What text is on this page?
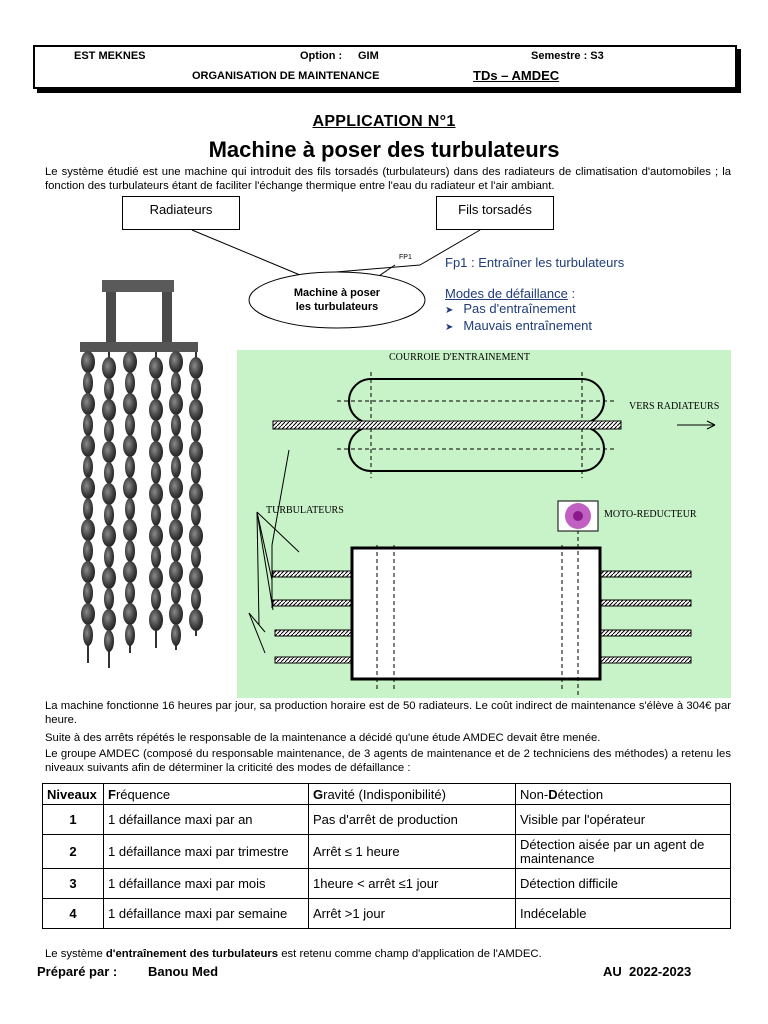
EST MEKNES	Option : GIM	Semestre : S3
ORGANISATION DE MAINTENANCE	TDs – AMDEC
APPLICATION N°1
Machine à poser des turbulateurs
Le système étudié est une machine qui introduit des fils torsadés (turbulateurs) dans des radiateurs de climatisation d'automobiles ; la fonction des turbulateurs étant de faciliter l'échange thermique entre l'eau du radiateur et l'air ambiant.
Radiateurs	Fils torsadés
Machine à poser
les turbulateurs
FP1	Fp1 : Entraîner les turbulateurs
Modes de défaillance :
➤ Pas d'entraînement
➤ Mauvais entraînement
COURROIE D'ENTRAINEMENT
VERS RADIATEURS
TURBULATEURS	MOTO-REDUCTEUR
La machine fonctionne 16 heures par jour, sa production horaire est de 50 radiateurs. Le coût indirect de maintenance s'élève à 304€ par heure.
Suite à des arrêts répétés le responsable de la maintenance a décidé qu'une étude AMDEC devait être menée.
Le groupe AMDEC (composé du responsable maintenance, de 3 agents de maintenance et de 2 techniciens des méthodes) a retenu les niveaux suivants afin de déterminer la criticité des modes de défaillance :
Niveaux	Fréquence	Gravité (Indisponibilité)	Non-Détection
1	1 défaillance maxi par an	Pas d'arrêt de production	Visible par l'opérateur
2	1 défaillance maxi par trimestre	Arrêt ≤ 1 heure	Détection aisée par un agent de maintenance
3	1 défaillance maxi par mois	1heure < arrêt ≤1 jour	Détection difficile
4	1 défaillance maxi par semaine	Arrêt >1 jour	Indécelable
Le système d'entraînement des turbulateurs est retenu comme champ d'application de l'AMDEC.
Préparé par : Banou Med	AU  2022-2023
